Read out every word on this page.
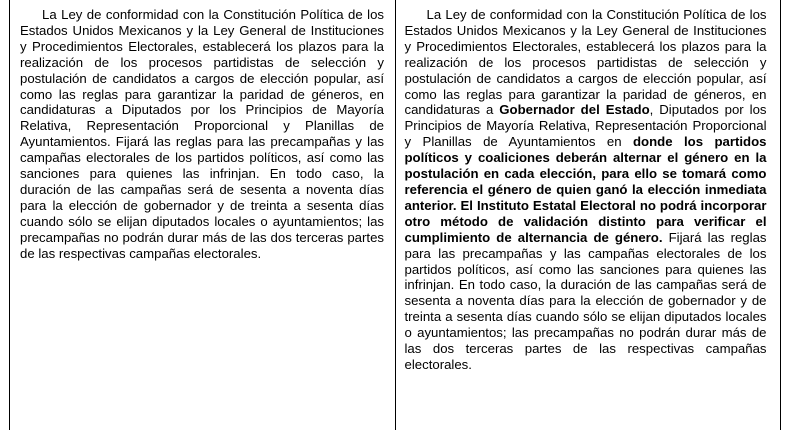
La Ley de conformidad con la Constitución Política de los Estados Unidos Mexicanos y la Ley General de Instituciones y Procedimientos Electorales, establecerá los plazos para la realización de los procesos partidistas de selección y postulación de candidatos a cargos de elección popular, así como las reglas para garantizar la paridad de géneros, en candidaturas a Diputados por los Principios de Mayoría Relativa, Representación Proporcional y Planillas de Ayuntamientos. Fijará las reglas para las precampañas y las campañas electorales de los partidos políticos, así como las sanciones para quienes las infrinjan. En todo caso, la duración de las campañas será de sesenta a noventa días para la elección de gobernador y de treinta a sesenta días cuando sólo se elijan diputados locales o ayuntamientos; las precampañas no podrán durar más de las dos terceras partes de las respectivas campañas electorales.

La Ley de conformidad con la Constitución Política de los Estados Unidos Mexicanos y la Ley General de Instituciones y Procedimientos Electorales, establecerá los plazos para la realización de los procesos partidistas de selección y postulación de candidatos a cargos de elección popular, así como las reglas para garantizar la paridad de géneros, en candidaturas a Gobernador del Estado, Diputados por los Principios de Mayoría Relativa, Representación Proporcional y Planillas de Ayuntamientos en donde los partidos políticos y coaliciones deberán alternar el género en la postulación en cada elección, para ello se tomará como referencia el género de quien ganó la elección inmediata anterior. El Instituto Estatal Electoral no podrá incorporar otro método de validación distinto para verificar el cumplimiento de alternancia de género. Fijará las reglas para las precampañas y las campañas electorales de los partidos políticos, así como las sanciones para quienes las infrinjan. En todo caso, la duración de las campañas será de sesenta a noventa días para la elección de gobernador y de treinta a sesenta días cuando sólo se elijan diputados locales o ayuntamientos; las precampañas no podrán durar más de las dos terceras partes de las respectivas campañas electorales.
